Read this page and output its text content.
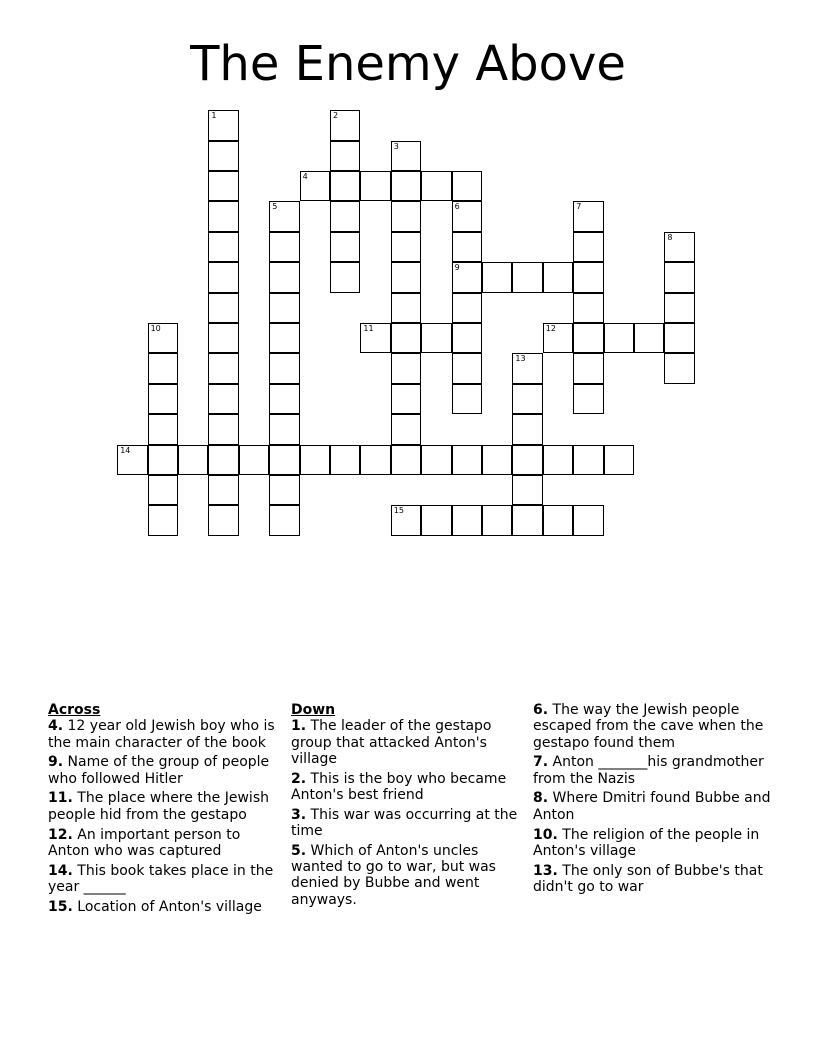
The Enemy Above
1	2
3
4
5	6
9
7
8
10	11	12
13
14
15
Across
4. 12 year old Jewish boy who is the main character of the book
9. Name of the group of people who followed Hitler
11. The place where the Jewish people hid from the gestapo
12. An important person to Anton who was captured
14. This book takes place in the year ______
15. Location of Anton's village
Down
1. The leader of the gestapo group that attacked Anton's village
2. This is the boy who became Anton's best friend
3. This war was occurring at the time
5. Which of Anton's uncles wanted to go to war, but was denied by Bubbe and went anyways.
6. The way the Jewish people escaped from the cave when the gestapo found them
7. Anton _______his grandmother from the Nazis
8. Where Dmitri found Bubbe and Anton
10. The religion of the people in Anton's village
13. The only son of Bubbe's that didn't go to war
